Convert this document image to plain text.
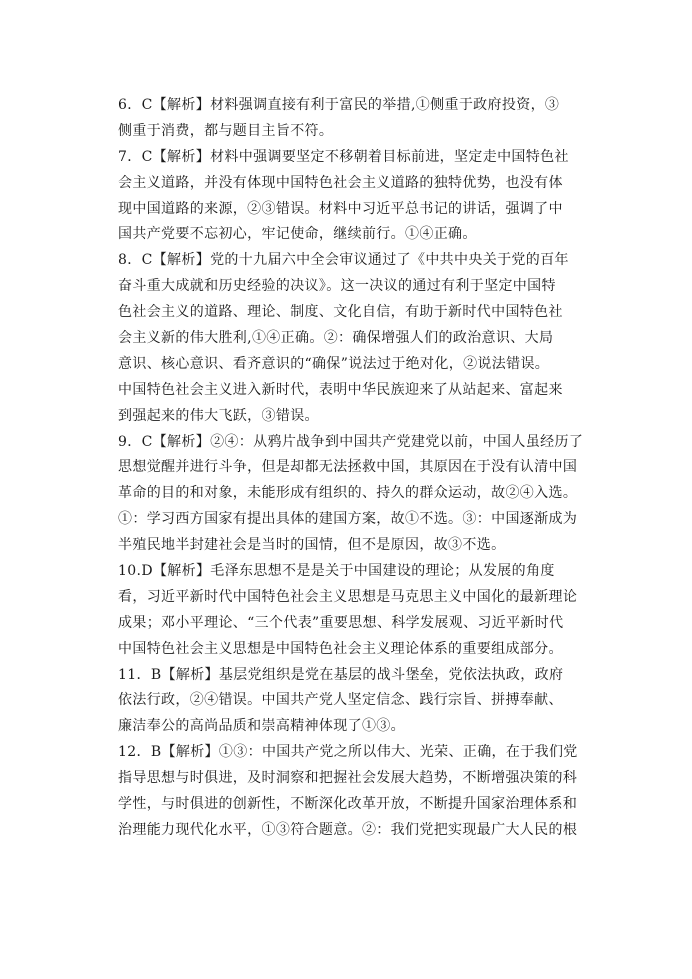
6．C【解析】材料强调直接有利于富民的举措,①侧重于政府投资，③
侧重于消费，都与题目主旨不符。
7．C【解析】材料中强调要坚定不移朝着目标前进，坚定走中国特色社
会主义道路，并没有体现中国特色社会主义道路的独特优势，也没有体
现中国道路的来源，②③错误。材料中习近平总书记的讲话，强调了中
国共产党要不忘初心，牢记使命，继续前行。①④正确。
8．C【解析】党的十九届六中全会审议通过了《中共中央关于党的百年
奋斗重大成就和历史经验的决议》。这一决议的通过有利于坚定中国特
色社会主义的道路、理论、制度、文化自信，有助于新时代中国特色社
会主义新的伟大胜利,①④正确。②：确保增强人们的政治意识、大局
意识、核心意识、看齐意识的“确保”说法过于绝对化，②说法错误。
中国特色社会主义进入新时代，表明中华民族迎来了从站起来、富起来
到强起来的伟大飞跃，③错误。
9．C【解析】②④：从鸦片战争到中国共产党建党以前，中国人虽经历了
思想觉醒并进行斗争，但是却都无法拯救中国，其原因在于没有认清中国
革命的目的和对象，未能形成有组织的、持久的群众运动，故②④入选。
①：学习西方国家有提出具体的建国方案，故①不选。③：中国逐渐成为
半殖民地半封建社会是当时的国情，但不是原因，故③不选。
10.D【解析】毛泽东思想不是是关于中国建设的理论；从发展的角度
看，习近平新时代中国特色社会主义思想是马克思主义中国化的最新理论
成果；邓小平理论、“三个代表”重要思想、科学发展观、习近平新时代
中国特色社会主义思想是中国特色社会主义理论体系的重要组成部分。
11．B【解析】基层党组织是党在基层的战斗堡垒，党依法执政，政府
依法行政，②④错误。中国共产党人坚定信念、践行宗旨、拼搏奉献、
廉洁奉公的高尚品质和崇高精神体现了①③。
12．B【解析】①③：中国共产党之所以伟大、光荣、正确，在于我们党
指导思想与时俱进，及时洞察和把握社会发展大趋势，不断增强决策的科
学性，与时俱进的创新性，不断深化改革开放，不断提升国家治理体系和
治理能力现代化水平，①③符合题意。②：我们党把实现最广大人民的根
